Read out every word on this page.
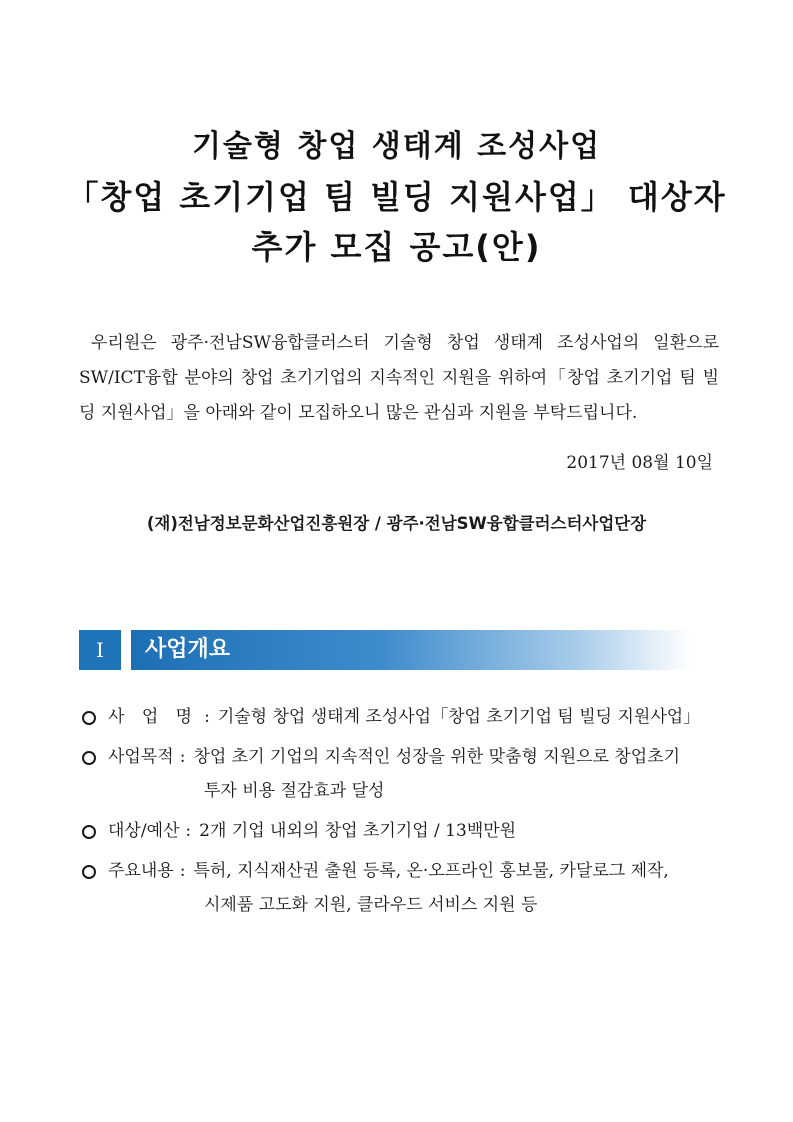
기술형 창업 생태계 조성사업
「창업 초기기업 팀 빌딩 지원사업」 대상자
추가 모집 공고(안)
우리원은 광주·전남SW융합클러스터 기술형 창업 생태계 조성사업의 일환으로 SW/ICT융합 분야의 창업 초기기업의 지속적인 지원을 위하여「창업 초기기업 팀 빌딩 지원사업」을 아래와 같이 모집하오니 많은 관심과 지원을 부탁드립니다.
2017년 08월 10일
(재)전남정보문화산업진흥원장 / 광주·전남SW융합클러스터사업단장
I	사업개요
사 업 명 : 기술형 창업 생태계 조성사업「창업 초기기업 팀 빌딩 지원사업」
사업목적 : 창업 초기 기업의 지속적인 성장을 위한 맞춤형 지원으로 창업초기
투자 비용 절감효과 달성
대상/예산 : 2개 기업 내외의 창업 초기기업 / 13백만원
주요내용 : 특허, 지식재산권 출원 등록, 온·오프라인 홍보물, 카달로그 제작,
시제품 고도화 지원, 클라우드 서비스 지원 등
